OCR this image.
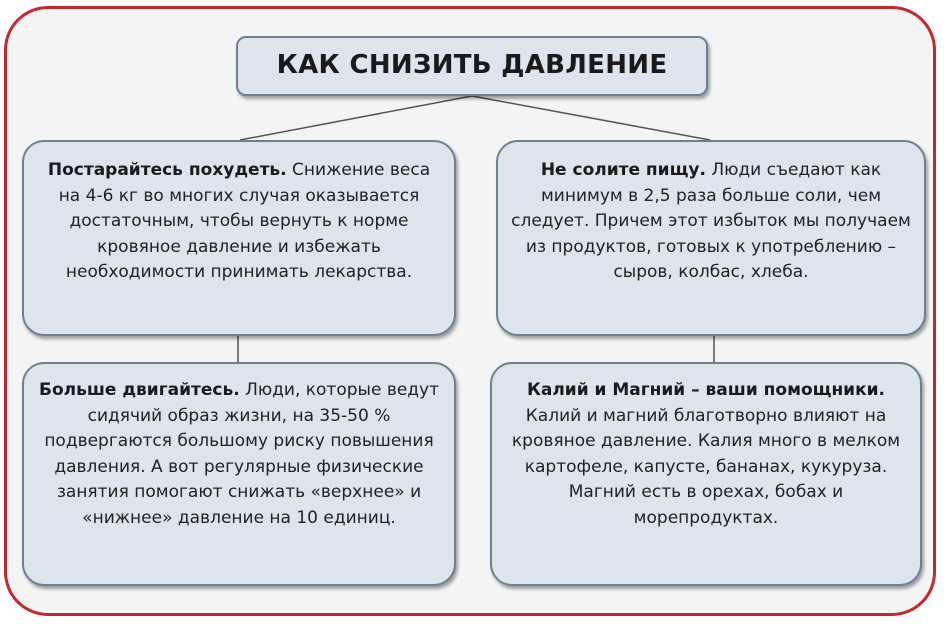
КАК СНИЗИТЬ ДАВЛЕНИЕ
Постарайтесь похудеть. Снижение веса на 4-6 кг во многих случая оказывается достаточным, чтобы вернуть к норме кровяное давление и избежать необходимости принимать лекарства.
Не солите пищу. Люди съедают как минимум в 2,5 раза больше соли, чем следует. Причем этот избыток мы получаем из продуктов, готовых к употреблению – сыров, колбас, хлеба.
Больше двигайтесь. Люди, которые ведут сидячий образ жизни, на 35-50 % подвергаются большому риску повышения давления. А вот регулярные физические занятия помогают снижать «верхнее» и «нижнее» давление на 10 единиц.
Калий и Магний – ваши помощники. Калий и магний благотворно влияют на кровяное давление. Калия много в мелком картофеле, капусте, бананах, кукуруза. Магний есть в орехах, бобах и морепродуктах.
